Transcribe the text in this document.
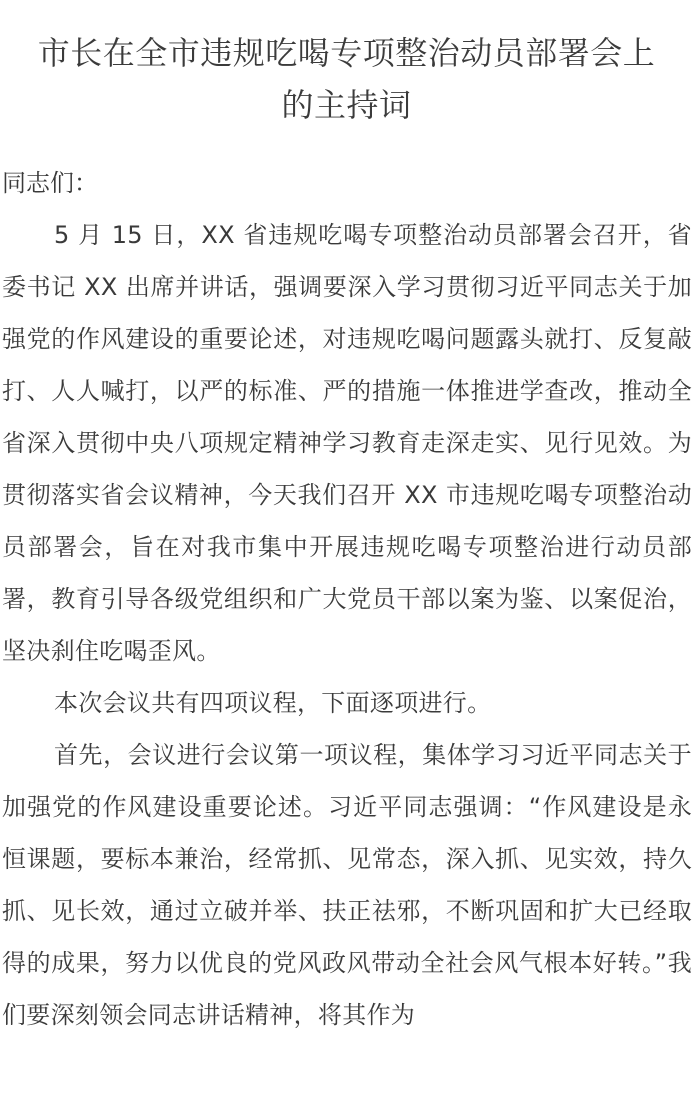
市长在全市违规吃喝专项整治动员部署会上
的主持词

同志们：

5 月 15 日，XX 省违规吃喝专项整治动员部署会召开，省委书记 XX 出席并讲话，强调要深入学习贯彻习近平同志关于加强党的作风建设的重要论述，对违规吃喝问题露头就打、反复敲打、人人喊打，以严的标准、严的措施一体推进学查改，推动全省深入贯彻中央八项规定精神学习教育走深走实、见行见效。为贯彻落实省会议精神，今天我们召开 XX 市违规吃喝专项整治动员部署会，旨在对我市集中开展违规吃喝专项整治进行动员部署，教育引导各级党组织和广大党员干部以案为鉴、以案促治，坚决刹住吃喝歪风。

本次会议共有四项议程，下面逐项进行。

首先，会议进行会议第一项议程，集体学习习近平同志关于加强党的作风建设重要论述。习近平同志强调：“作风建设是永恒课题，要标本兼治，经常抓、见常态，深入抓、见实效，持久抓、见长效，通过立破并举、扶正祛邪，不断巩固和扩大已经取得的成果，努力以优良的党风政风带动全社会风气根本好转。”我们要深刻领会同志讲话精神，将其作为
